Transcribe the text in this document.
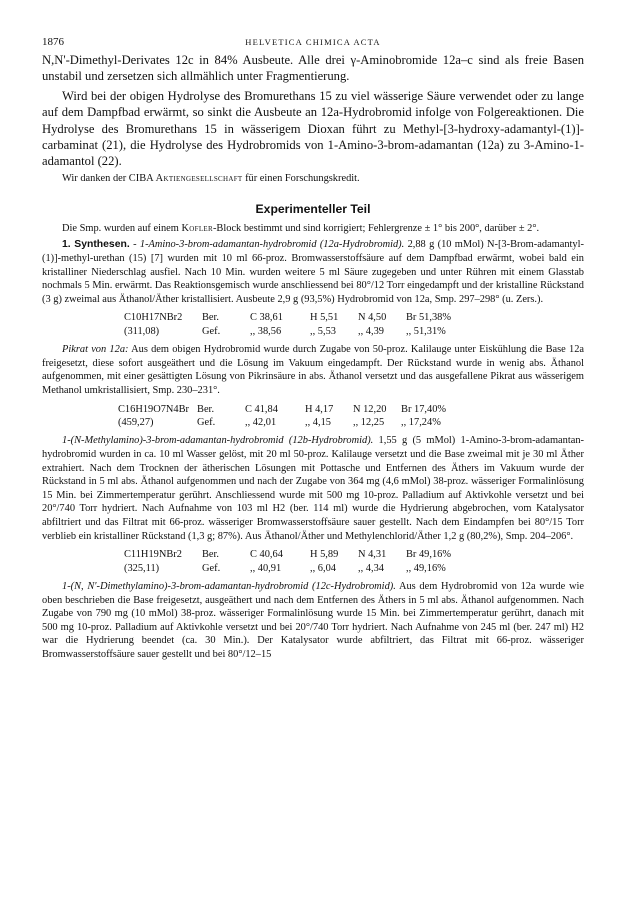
1876	HELVETICA CHIMICA ACTA

N,N'-Dimethyl-Derivates 12c in 84% Ausbeute. Alle drei γ-Aminobromide 12a–c sind als freie Basen unstabil und zersetzen sich allmählich unter Fragmentierung.

Wird bei der obigen Hydrolyse des Bromurethans 15 zu viel wässerige Säure verwendet oder zu lange auf dem Dampfbad erwärmt, so sinkt die Ausbeute an 12a-Hydrobromid infolge von Folgereaktionen. Die Hydrolyse des Bromurethans 15 in wässerigem Dioxan führt zu Methyl-[3-hydroxy-adamantyl-(1)]-carbaminat (21), die Hydrolyse des Hydrobromids von 1-Amino-3-brom-adamantan (12a) zu 3-Amino-1-adamantol (22).

Wir danken der CIBA Aktiengesellschaft für einen Forschungskredit.

Experimenteller Teil

Die Smp. wurden auf einem Kofler-Block bestimmt und sind korrigiert; Fehlergrenze ± 1° bis 200°, darüber ± 2°.

1. Synthesen. - 1-Amino-3-brom-adamantan-hydrobromid (12a-Hydrobromid). 2,88 g (10 mMol) N-[3-Brom-adamantyl-(1)]-methyl-urethan (15) [7] wurden mit 10 ml 66-proz. Bromwasserstoffsäure auf dem Dampfbad erwärmt, wobei bald ein kristalliner Niederschlag ausfiel. Nach 10 Min. wurden weitere 5 ml Säure zugegeben und unter Rühren mit einem Glasstab nochmals 5 Min. erwärmt. Das Reaktionsgemisch wurde anschliessend bei 80°/12 Torr eingedampft und der kristalline Rückstand (3 g) zweimal aus Äthanol/Äther kristallisiert. Ausbeute 2,9 g (93,5%) Hydrobromid von 12a, Smp. 297–298° (u. Zers.).

C10H17NBr2	Ber.	C 38,61	H 5,51	N 4,50	Br 51,38%
(311,08)	Gef.	,, 38,56	,, 5,53	,, 4,39	,, 51,31%

Pikrat von 12a: Aus dem obigen Hydrobromid wurde durch Zugabe von 50-proz. Kalilauge unter Eiskühlung die Base 12a freigesetzt, diese sofort ausgeäthert und die Lösung im Vakuum eingedampft. Der Rückstand wurde in wenig abs. Äthanol aufgenommen, mit einer gesättigten Lösung von Pikrinsäure in abs. Äthanol versetzt und das ausgefallene Pikrat aus wässerigem Methanol umkristallisiert, Smp. 230–231°.

C16H19O7N4Br	Ber.	C 41,84	H 4,17	N 12,20	Br 17,40%
(459,27)	Gef.	,, 42,01	,, 4,15	,, 12,25	,, 17,24%

1-(N-Methylamino)-3-brom-adamantan-hydrobromid (12b-Hydrobromid). 1,55 g (5 mMol) 1-Amino-3-brom-adamantan-hydrobromid wurden in ca. 10 ml Wasser gelöst, mit 20 ml 50-proz. Kalilauge versetzt und die Base zweimal mit je 30 ml Äther extrahiert. Nach dem Trocknen der ätherischen Lösungen mit Pottasche und Entfernen des Äthers im Vakuum wurde der Rückstand in 5 ml abs. Äthanol aufgenommen und nach der Zugabe von 364 mg (4,6 mMol) 38-proz. wässeriger Formalinlösung 15 Min. bei Zimmertemperatur gerührt. Anschliessend wurde mit 500 mg 10-proz. Palladium auf Aktivkohle versetzt und bei 20°/740 Torr hydriert. Nach Aufnahme von 103 ml H2 (ber. 114 ml) wurde die Hydrierung abgebrochen, vom Katalysator abfiltriert und das Filtrat mit 66-proz. wässeriger Bromwasserstoffsäure sauer gestellt. Nach dem Eindampfen bei 80°/15 Torr verblieb ein kristalliner Rückstand (1,3 g; 87%). Aus Äthanol/Äther und Methylenchlorid/Äther 1,2 g (80,2%), Smp. 204–206°.

C11H19NBr2	Ber.	C 40,64	H 5,89	N 4,31	Br 49,16%
(325,11)	Gef.	,, 40,91	,, 6,04	,, 4,34	,, 49,16%

1-(N, N'-Dimethylamino)-3-brom-adamantan-hydrobromid (12c-Hydrobromid). Aus dem Hydrobromid von 12a wurde wie oben beschrieben die Base freigesetzt, ausgeäthert und nach dem Entfernen des Äthers in 5 ml abs. Äthanol aufgenommen. Nach Zugabe von 790 mg (10 mMol) 38-proz. wässeriger Formalinlösung wurde 15 Min. bei Zimmertemperatur gerührt, danach mit 500 mg 10-proz. Palladium auf Aktivkohle versetzt und bei 20°/740 Torr hydriert. Nach Aufnahme von 245 ml (ber. 247 ml) H2 war die Hydrierung beendet (ca. 30 Min.). Der Katalysator wurde abfiltriert, das Filtrat mit 66-proz. wässeriger Bromwasserstoffsäure sauer gestellt und bei 80°/12–15
